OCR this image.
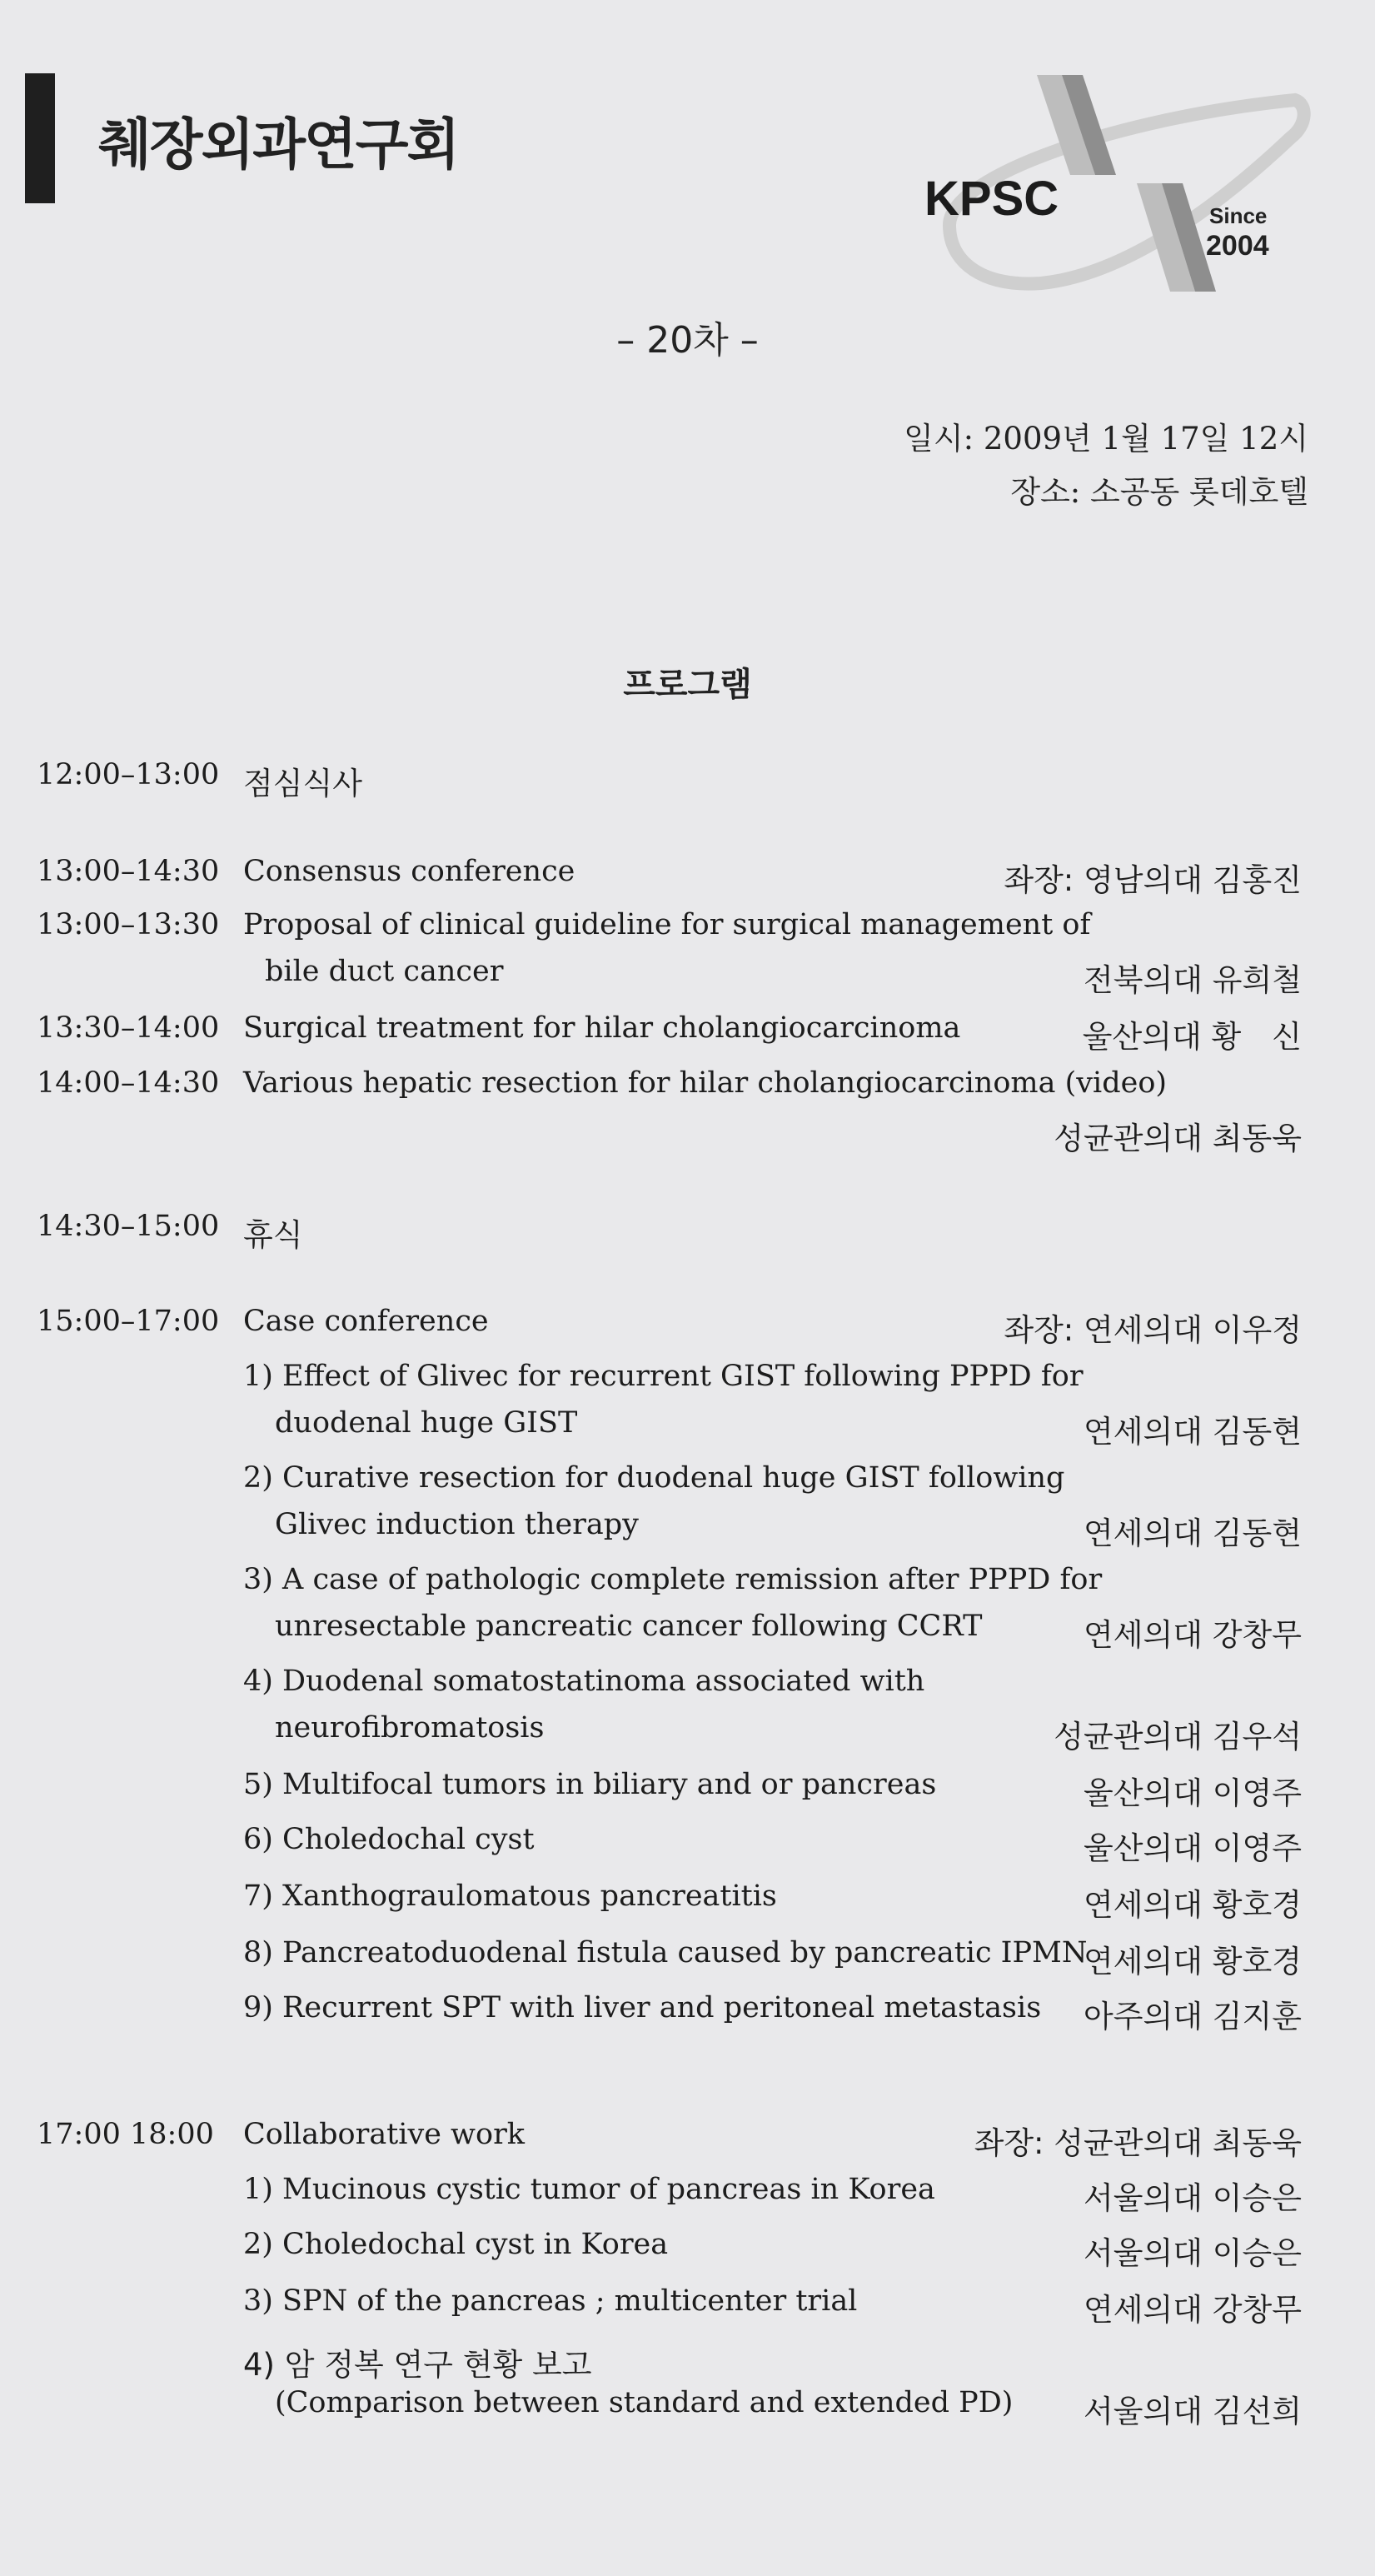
췌장외과연구회
KPSC	Since
2004
– 20차 –
일시: 2009년 1월 17일 12시
장소: 소공동 롯데호텔
프로그램
12:00–13:00 점심식사
13:00–14:30 Consensus conference	좌장: 영남의대 김홍진
13:00–13:30 Proposal of clinical guideline for surgical management of
bile duct cancer	전북의대 유희철
13:30–14:00 Surgical treatment for hilar cholangiocarcinoma	울산의대 황　신
14:00–14:30 Various hepatic resection for hilar cholangiocarcinoma (video)
성균관의대 최동욱
14:30–15:00 휴식
15:00–17:00 Case conference	좌장: 연세의대 이우정
1) Effect of Glivec for recurrent GIST following PPPD for
duodenal huge GIST	연세의대 김동현
2) Curative resection for duodenal huge GIST following
Glivec induction therapy	연세의대 김동현
3) A case of pathologic complete remission after PPPD for
unresectable pancreatic cancer following CCRT	연세의대 강창무
4) Duodenal somatostatinoma associated with
neurofibromatosis	성균관의대 김우석
5) Multifocal tumors in biliary and or pancreas	울산의대 이영주
6) Choledochal cyst	울산의대 이영주
7) Xanthograulomatous pancreatitis	연세의대 황호경
8) Pancreatoduodenal fistula caused by pancreatic IPMN
연세의대 황호경
9) Recurrent SPT with liver and peritoneal metastasis 아주의대 김지훈
17:00 18:00 Collaborative work	좌장: 성균관의대 최동욱
1) Mucinous cystic tumor of pancreas in Korea	서울의대 이승은
2) Choledochal cyst in Korea	서울의대 이승은
3) SPN of the pancreas ; multicenter trial	연세의대 강창무
4) 암 정복 연구 현황 보고
(Comparison between standard and extended PD) 서울의대 김선희
